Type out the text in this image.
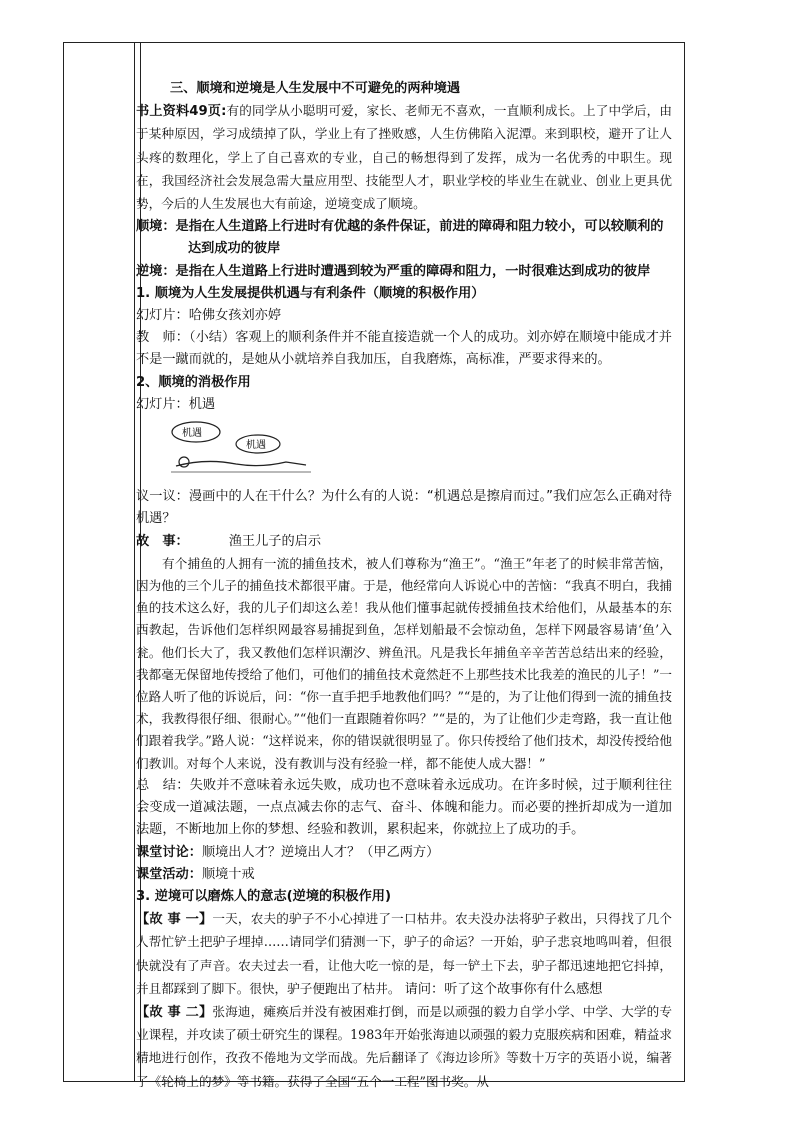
三、顺境和逆境是人生发展中不可避免的两种境遇

书上资料49页:有的同学从小聪明可爱，家长、老师无不喜欢，一直顺利成长。上了中学后，由于某种原因，学习成绩掉了队，学业上有了挫败感，人生仿佛陷入泥潭。来到职校，避开了让人头疼的数理化，学上了自己喜欢的专业，自己的畅想得到了发挥，成为一名优秀的中职生。现在，我国经济社会发展急需大量应用型、技能型人才，职业学校的毕业生在就业、创业上更具优势，今后的人生发展也大有前途，逆境变成了顺境。

顺境：是指在人生道路上行进时有优越的条件保证，前进的障碍和阻力较小，可以较顺利的达到成功的彼岸

逆境：是指在人生道路上行进时遭遇到较为严重的障碍和阻力，一时很难达到成功的彼岸

1. 顺境为人生发展提供机遇与有利条件（顺境的积极作用）

幻灯片：哈佛女孩刘亦婷

教　师：（小结）客观上的顺利条件并不能直接造就一个人的成功。刘亦婷在顺境中能成才并不是一蹴而就的，是她从小就培养自我加压，自我磨炼，高标准，严要求得来的。

2、顺境的消极作用

幻灯片：机遇

机遇
机遇

议一议：漫画中的人在干什么？为什么有的人说：“机遇总是擦肩而过。”我们应怎么正确对待机遇？

故　事：	渔王儿子的启示

有个捕鱼的人拥有一流的捕鱼技术，被人们尊称为“渔王”。“渔王”年老了的时候非常苦恼，因为他的三个儿子的捕鱼技术都很平庸。于是，他经常向人诉说心中的苦恼：“我真不明白，我捕鱼的技术这么好，我的儿子们却这么差！我从他们懂事起就传授捕鱼技术给他们，从最基本的东西教起，告诉他们怎样织网最容易捕捉到鱼，怎样划船最不会惊动鱼，怎样下网最容易请‘鱼’入瓮。他们长大了，我又教他们怎样识潮汐、辨鱼汛。凡是我长年捕鱼辛辛苦苦总结出来的经验，我都毫无保留地传授给了他们，可他们的捕鱼技术竟然赶不上那些技术比我差的渔民的儿子！”一位路人听了他的诉说后，问：“你一直手把手地教他们吗？”“是的，为了让他们得到一流的捕鱼技术，我教得很仔细、很耐心。”“他们一直跟随着你吗？”“是的，为了让他们少走弯路，我一直让他们跟着我学。”路人说：“这样说来，你的错误就很明显了。你只传授给了他们技术，却没传授给他们教训。对每个人来说，没有教训与没有经验一样，都不能使人成大器！”

总　结：失败并不意味着永远失败，成功也不意味着永远成功。在许多时候，过于顺利往往会变成一道减法题，一点点减去你的志气、奋斗、体魄和能力。而必要的挫折却成为一道加法题，不断地加上你的梦想、经验和教训，累积起来，你就拉上了成功的手。

课堂讨论：顺境出人才？逆境出人才？（甲乙两方）

课堂活动：顺境十戒

3. 逆境可以磨炼人的意志(逆境的积极作用)

【故 事 一】一天，农夫的驴子不小心掉进了一口枯井。农夫没办法将驴子救出，只得找了几个人帮忙铲土把驴子埋掉……请同学们猜测一下，驴子的命运？一开始，驴子悲哀地鸣叫着，但很快就没有了声音。农夫过去一看，让他大吃一惊的是，每一铲土下去，驴子都迅速地把它抖掉，并且都踩到了脚下。很快，驴子便跑出了枯井。 请问：听了这个故事你有什么感想

【故 事 二】张海迪，瘫痪后并没有被困难打倒，而是以顽强的毅力自学小学、中学、大学的专业课程，并攻读了硕士研究生的课程。1983年开始张海迪以顽强的毅力克服疾病和困难，精益求精地进行创作，孜孜不倦地为文学而战。先后翻译了《海边诊所》等数十万字的英语小说，编著了《轮椅上的梦》等书籍。获得了全国“五个一工程”图书奖。从
